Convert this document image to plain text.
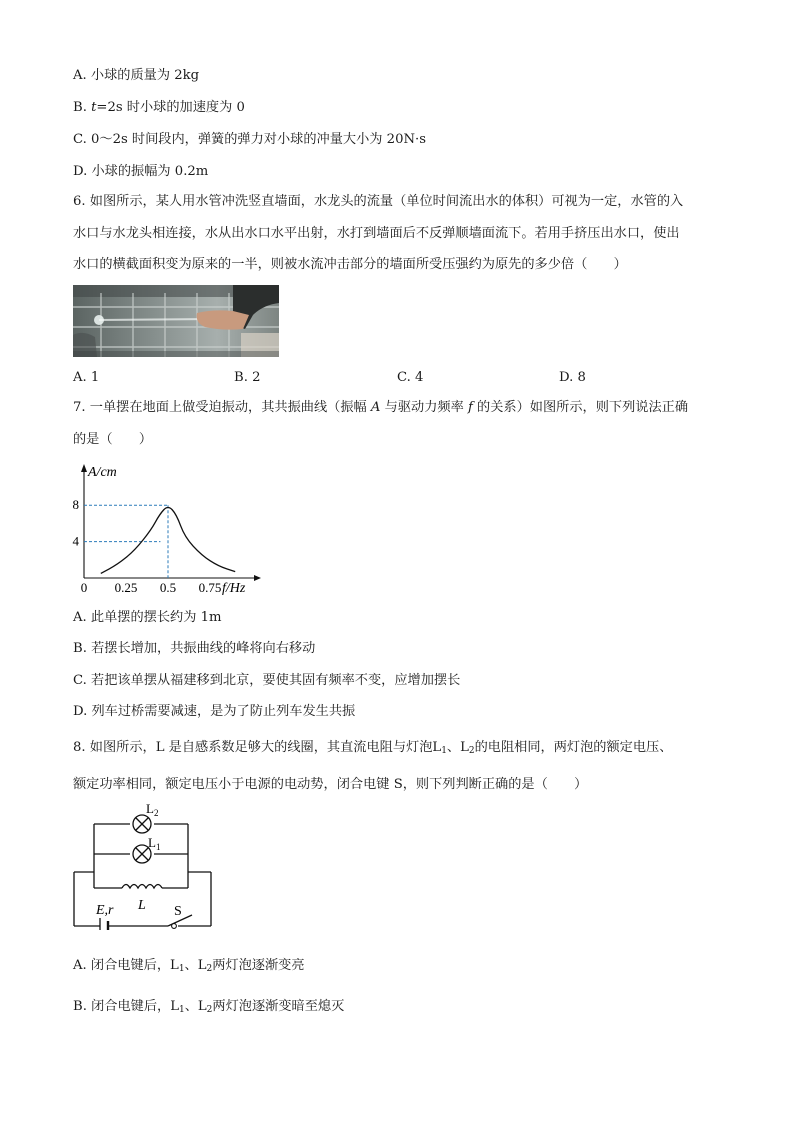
A. 小球的质量为 2kg
B. t=2s 时小球的加速度为 0
C. 0～2s 时间段内，弹簧的弹力对小球的冲量大小为 20N·s
D. 小球的振幅为 0.2m
6. 如图所示，某人用水管冲洗竖直墙面，水龙头的流量（单位时间流出水的体积）可视为一定，水管的入
水口与水龙头相连接，水从出水口水平出射，水打到墙面后不反弹顺墙面流下。若用手挤压出水口，使出
水口的横截面积变为原来的一半，则被水流冲击部分的墙面所受压强约为原先的多少倍（　　）
A. 1	B. 2	C. 4	D. 8
7. 一单摆在地面上做受迫振动，其共振曲线（振幅 A 与驱动力频率 f 的关系）如图所示，则下列说法正确
的是（　　）
0 0.25 0.5 0.75
4
8
A/cm
f/Hz
A. 此单摆的摆长约为 1m
B. 若摆长增加，共振曲线的峰将向右移动
C. 若把该单摆从福建移到北京，要使其固有频率不变，应增加摆长
D. 列车过桥需要减速，是为了防止列车发生共振
8. 如图所示，L 是自感系数足够大的线圈，其直流电阻与灯泡$L_1$、$L_2$的电阻相同，两灯泡的额定电压、
额定功率相同，额定电压小于电源的电动势，闭合电键 S，则下列判断正确的是（　　）
L 2
L 1
L
E,r	S
A. 闭合电键后，$L_1$、$L_2$两灯泡逐渐变亮
B. 闭合电键后，$L_1$、$L_2$两灯泡逐渐变暗至熄灭
